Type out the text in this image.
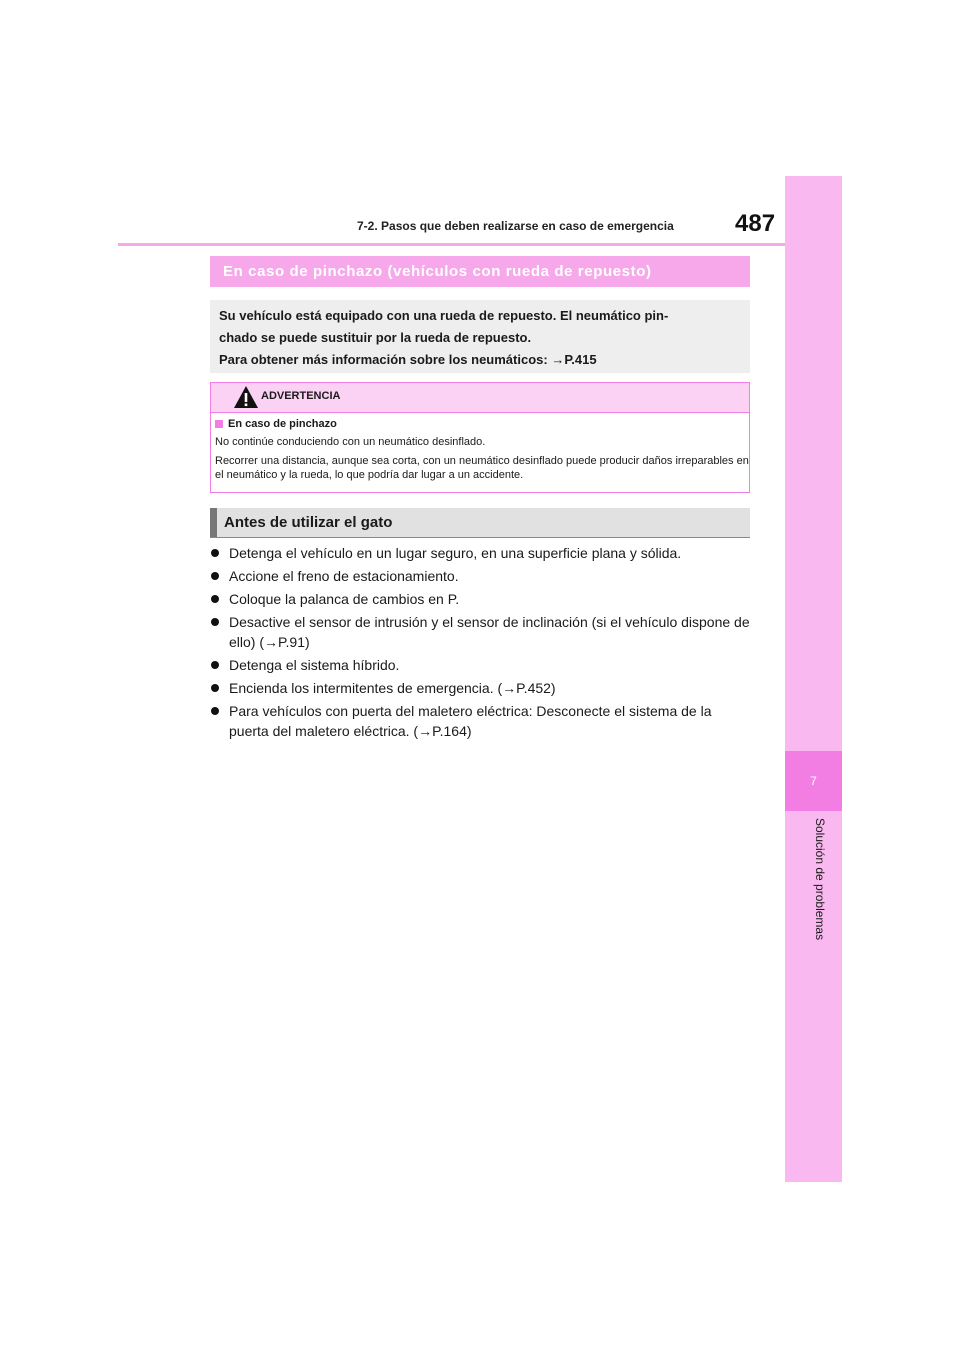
7
Solución de problemas
7-2. Pasos que deben realizarse en caso de emergencia	487
En caso de pinchazo (vehículos con rueda de repuesto)
Su vehículo está equipado con una rueda de repuesto. El neumático pin-
chado se puede sustituir por la rueda de repuesto.
Para obtener más información sobre los neumáticos: →P.415
ADVERTENCIA
En caso de pinchazo

No continúe conduciendo con un neumático desinflado.

Recorrer una distancia, aunque sea corta, con un neumático desinflado puede producir daños irreparables en el neumático y la rueda, lo que podría dar lugar a un accidente.

Antes de utilizar el gato
Detenga el vehículo en un lugar seguro, en una superficie plana y sólida.
Accione el freno de estacionamiento.
Coloque la palanca de cambios en P.
Desactive el sensor de intrusión y el sensor de inclinación (si el vehículo dispone de ello) (→P.91)
Detenga el sistema híbrido.
Encienda los intermitentes de emergencia. (→P.452)
Para vehículos con puerta del maletero eléctrica: Desconecte el sistema de la puerta del maletero eléctrica. (→P.164)
